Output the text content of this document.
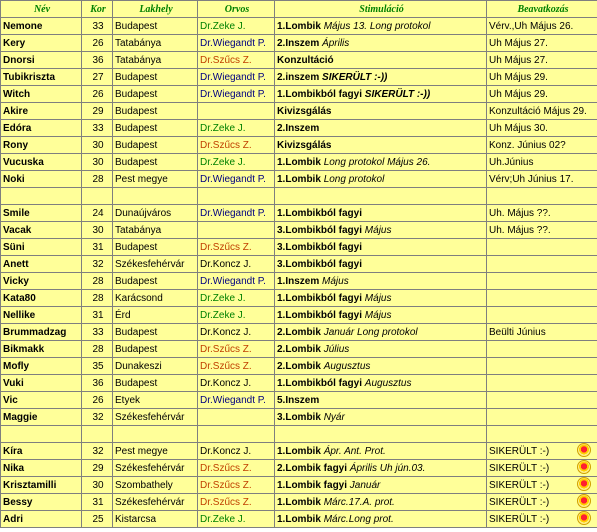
Név	Kor	Lakhely	Orvos	Stimuláció	Beavatkozás
Nemone	33	Budapest	Dr.Zeke J.	1.Lombik Május 13. Long protokol	Vérv.,Uh Május 26.
Kery	26	Tatabánya	Dr.Wiegandt P.	2.Inszem Április	Uh Május 27.
Dnorsi	36	Tatabánya	Dr.Szűcs Z.	Konzultáció	Uh Május 27.
Tubikriszta	27	Budapest	Dr.Wiegandt P.	2.inszem SIKERÜLT :-))	Uh Május 29.
Witch	26	Budapest	Dr.Wiegandt P.	1.Lombikból fagyi SIKERÜLT :-))	Uh Május 29.
Akire	29	Budapest		Kivizsgálás	Konzultáció Május 29.
Edóra	33	Budapest	Dr.Zeke J.	2.Inszem	Uh Május 30.
Rony	30	Budapest	Dr.Szűcs Z.	Kivizsgálás	Konz. Június 02?
Vucuska	30	Budapest	Dr.Zeke J.	1.Lombik Long protokol Május 26.	Uh.Június
Noki	28	Pest megye	Dr.Wiegandt P.	1.Lombik Long protokol	Vérv;Uh Június 17.

Smile	24	Dunaújváros	Dr.Wiegandt P.	1.Lombikból fagyi	Uh. Május ??.
Vacak	30	Tatabánya		3.Lombikból fagyi Május	Uh. Május ??.
Süni	31	Budapest	Dr.Szűcs Z.	3.Lombikból fagyi	
Anett	32	Székesfehérvár	Dr.Koncz J.	3.Lombikból fagyi	
Vicky	28	Budapest	Dr.Wiegandt P.	1.Inszem Május	
Kata80	28	Karácsond	Dr.Zeke J.	1.Lombikból fagyi Május	
Nellike	31	Érd	Dr.Zeke J.	1.Lombikból fagyi Május	
Brummadzag	33	Budapest	Dr.Koncz J.	2.Lombik Január Long protokol	Beülti Június
Bikmakk	28	Budapest	Dr.Szűcs Z.	2.Lombik Július	
Mofly	35	Dunakeszi	Dr.Szűcs Z.	2.Lombik Augusztus	
Vuki	36	Budapest	Dr.Koncz J.	1.Lombikból fagyi Augusztus	
Vic	26	Etyek	Dr.Wiegandt P.	5.Inszem	
Maggie	32	Székesfehérvár		3.Lombik Nyár	

Kíra	32	Pest megye	Dr.Koncz J.	1.Lombik Ápr. Ant. Prot.	SIKERÜLT :-)
Nika	29	Székesfehérvár	Dr.Szűcs Z.	2.Lombik fagyi Április Uh jún.03.	SIKERÜLT :-)
Krisztamilli	30	Szombathely	Dr.Szűcs Z.	1.Lombik fagyi Január	SIKERÜLT :-)
Bessy	31	Székesfehérvár	Dr.Szűcs Z.	1.Lombik Márc.17.A. prot.	SIKERÜLT :-)
Adri	25	Kistarcsa	Dr.Zeke J.	1.Lombik Márc.Long prot.	SIKERÜLT :-)
